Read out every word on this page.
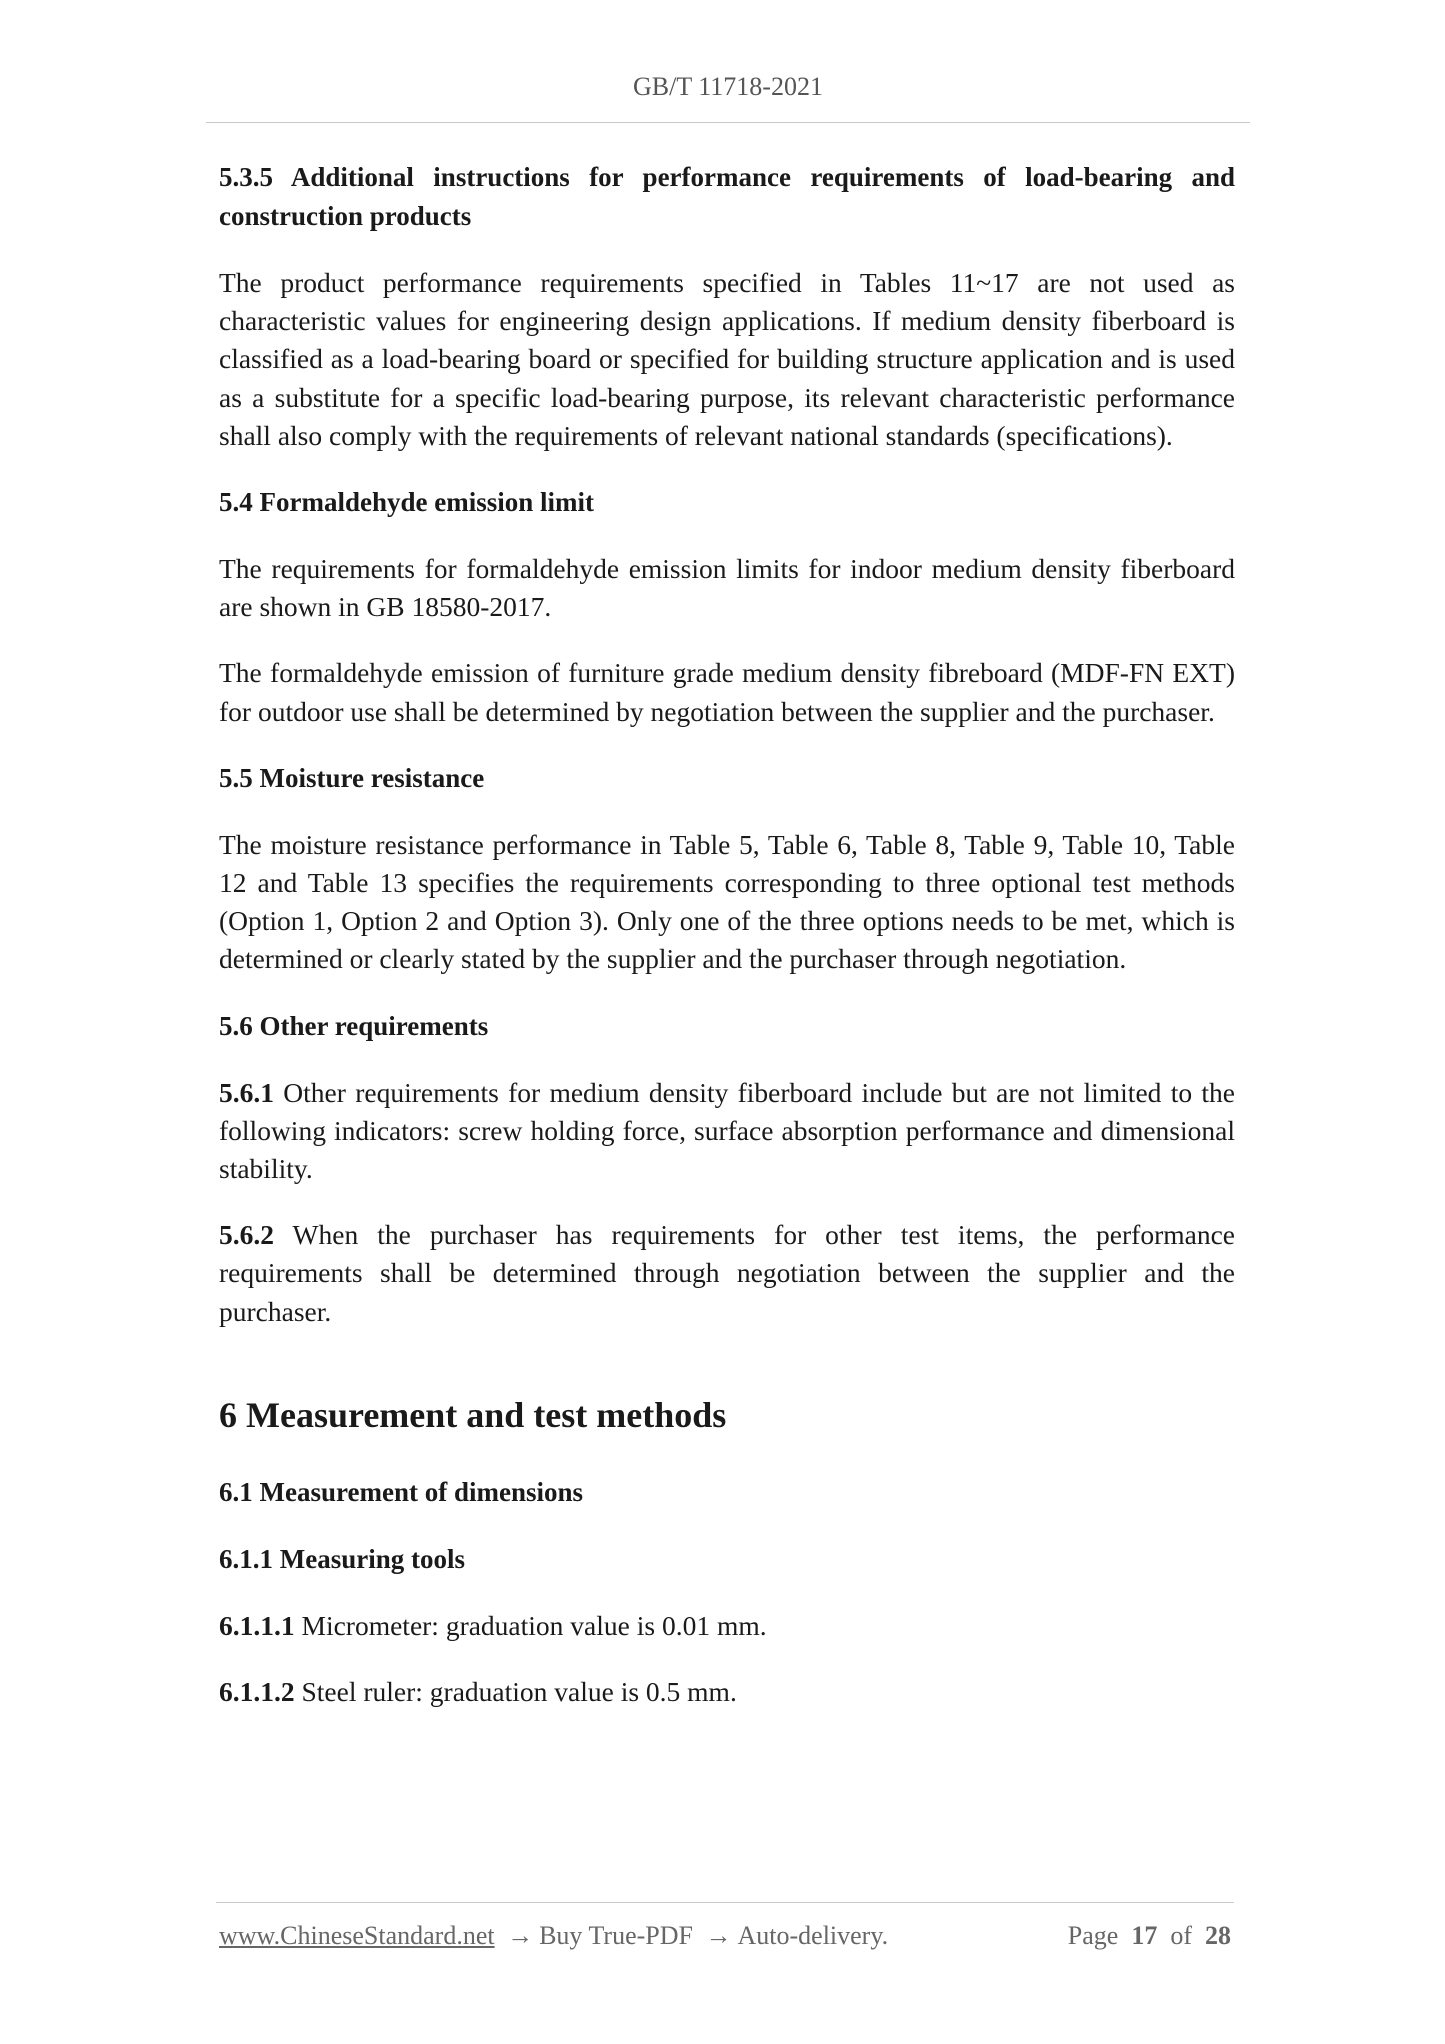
GB/T 11718-2021

5.3.5 Additional instructions for performance requirements of load-bearing and construction products

The product performance requirements specified in Tables 11~17 are not used as characteristic values for engineering design applications. If medium density fiberboard is classified as a load-bearing board or specified for building structure application and is used as a substitute for a specific load-bearing purpose, its relevant characteristic performance shall also comply with the requirements of relevant national standards (specifications).

5.4 Formaldehyde emission limit

The requirements for formaldehyde emission limits for indoor medium density fiberboard are shown in GB 18580-2017.

The formaldehyde emission of furniture grade medium density fibreboard (MDF-FN EXT) for outdoor use shall be determined by negotiation between the supplier and the purchaser.

5.5 Moisture resistance

The moisture resistance performance in Table 5, Table 6, Table 8, Table 9, Table 10, Table 12 and Table 13 specifies the requirements corresponding to three optional test methods (Option 1, Option 2 and Option 3). Only one of the three options needs to be met, which is determined or clearly stated by the supplier and the purchaser through negotiation.

5.6 Other requirements

5.6.1 Other requirements for medium density fiberboard include but are not limited to the following indicators: screw holding force, surface absorption performance and dimensional stability.

5.6.2 When the purchaser has requirements for other test items, the performance requirements shall be determined through negotiation between the supplier and the purchaser.

6 Measurement and test methods

6.1 Measurement of dimensions

6.1.1 Measuring tools

6.1.1.1 Micrometer: graduation value is 0.01 mm.

6.1.1.2 Steel ruler: graduation value is 0.5 mm.

www.ChineseStandard.net → Buy True-PDF → Auto-delivery.	Page 17 of 28
